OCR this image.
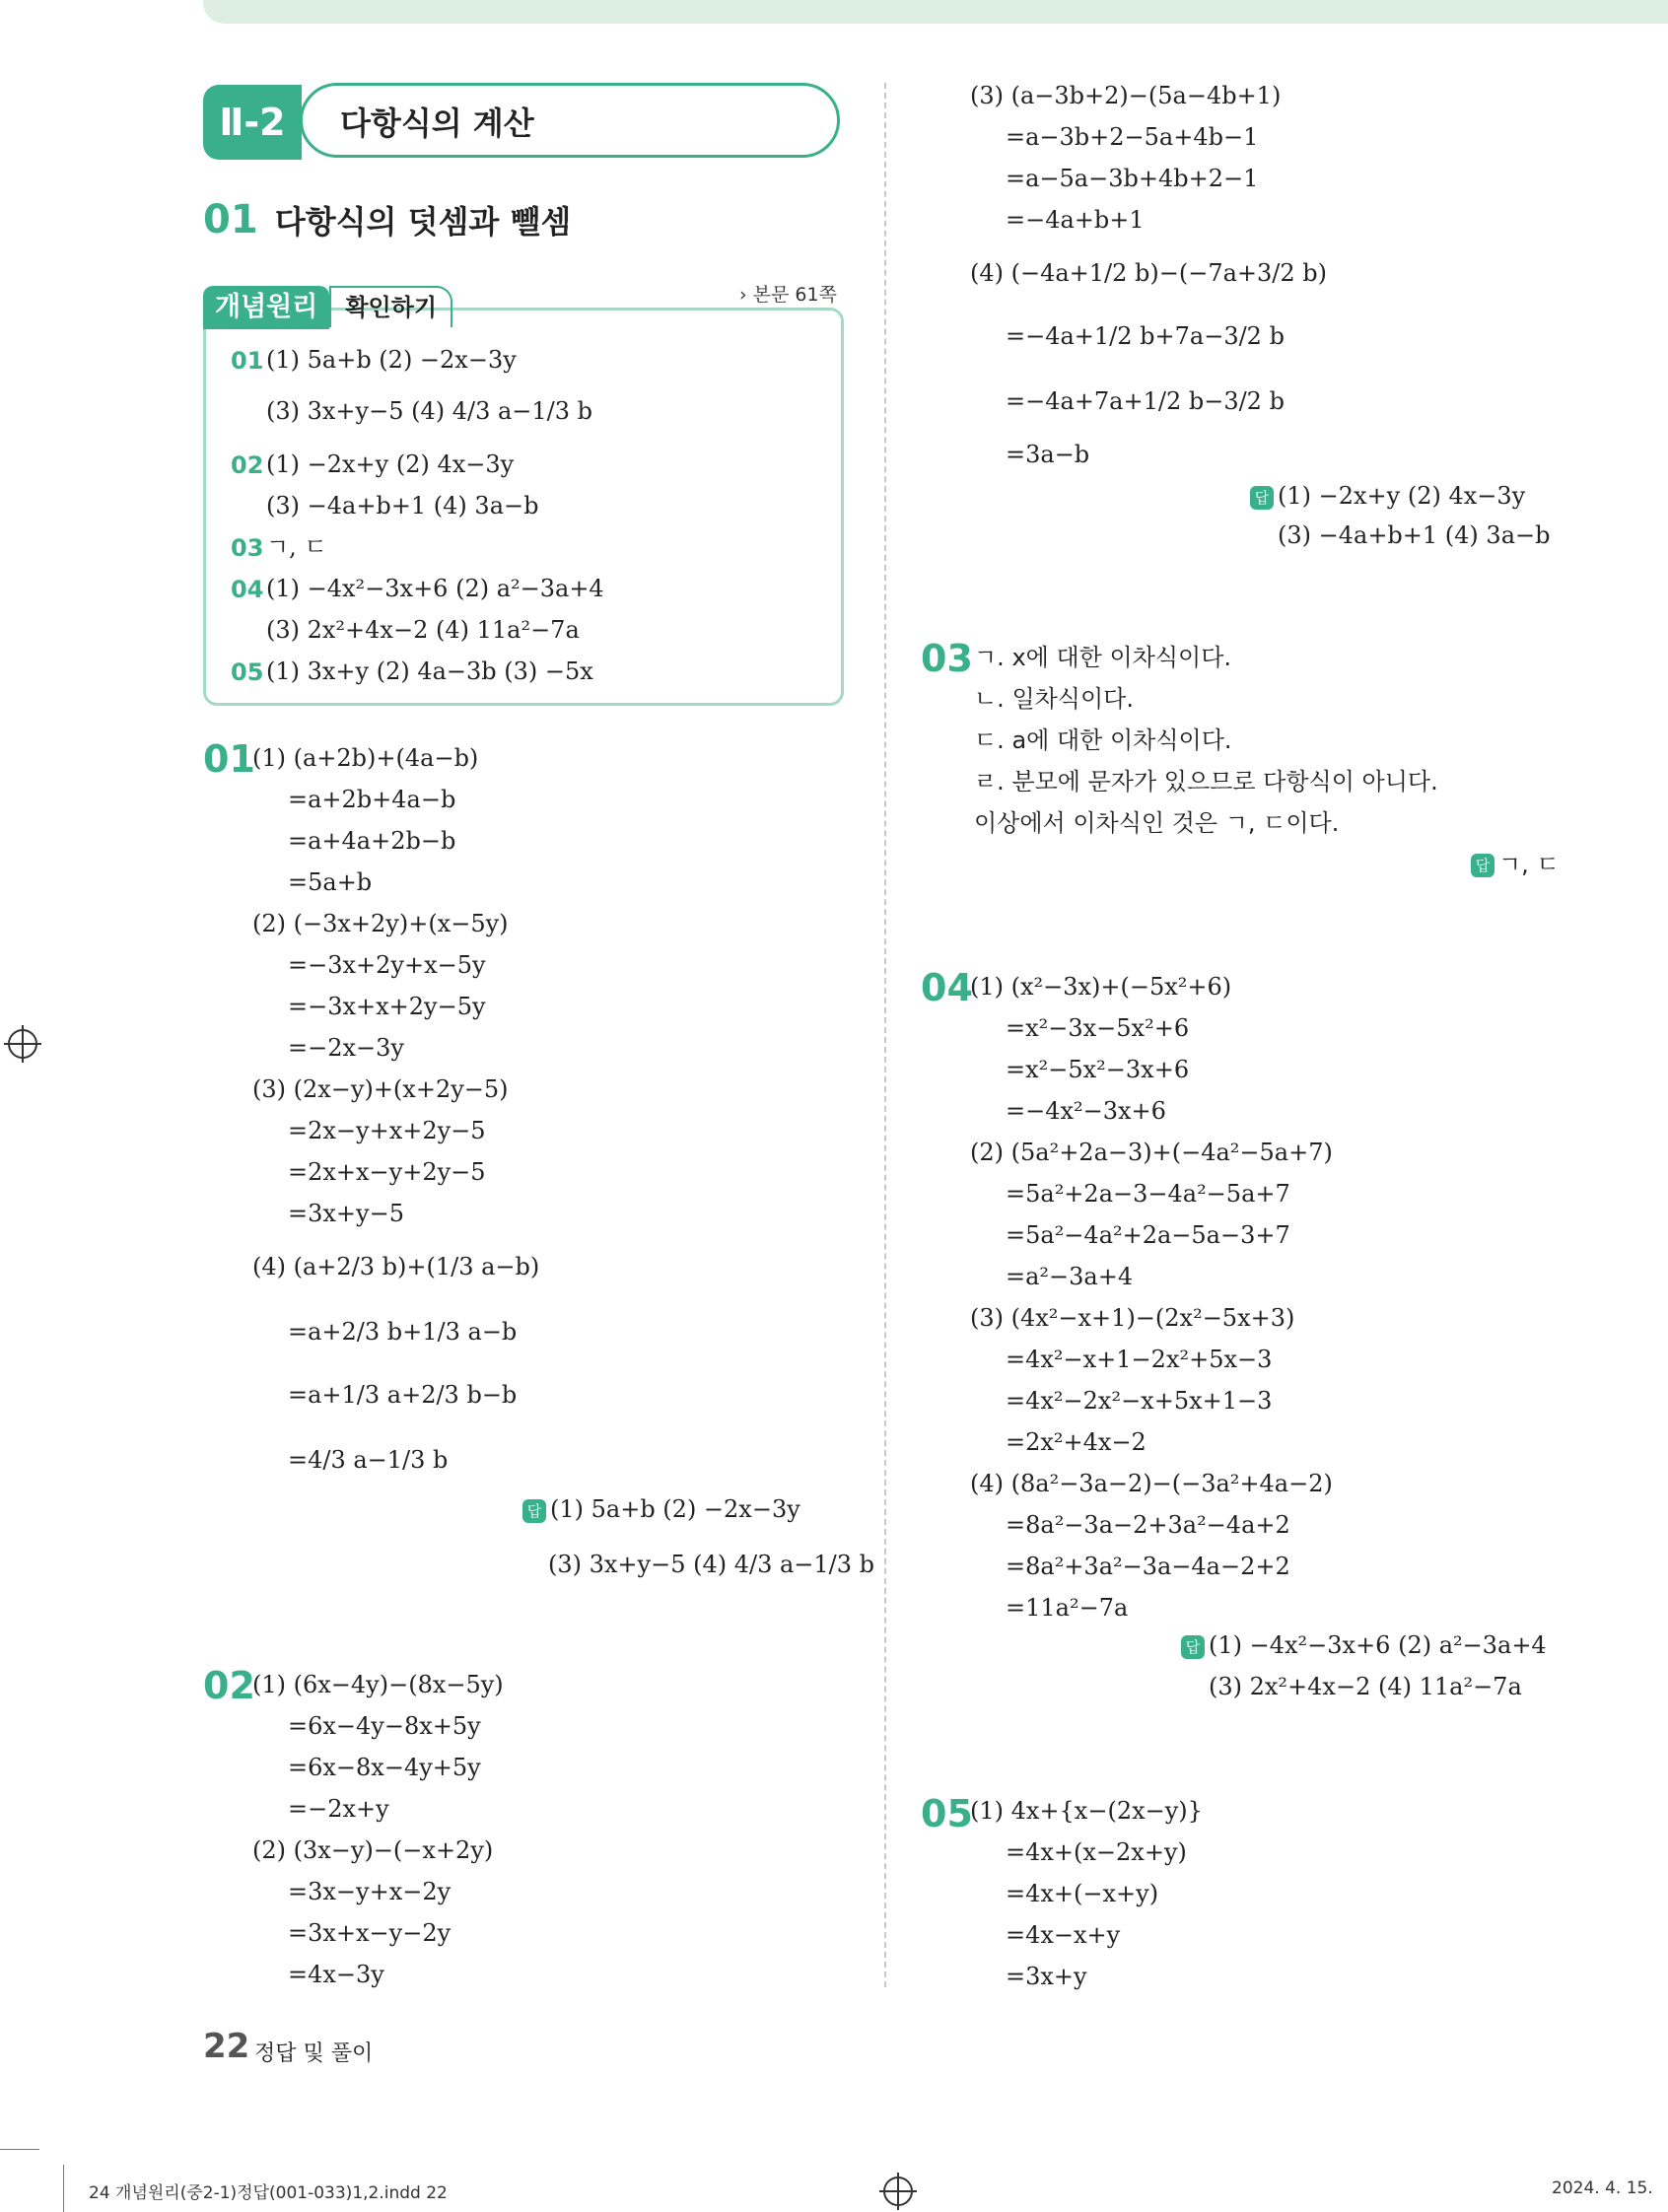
다항식의 계산
Ⅱ-2
01 다항식의 덧셈과 뺄셈
개념원리 확인하기	› 본문 61쪽
01 (1) 5a+b (2) −2x−3y
(3) 3x+y−5 (4) 4/3 a−1/3 b
02 (1) −2x+y (2) 4x−3y
(3) −4a+b+1 (4) 3a−b
03 ㄱ, ㄷ
04 (1) −4x²−3x+6 (2) a²−3a+4
(3) 2x²+4x−2 (4) 11a²−7a
05 (1) 3x+y (2) 4a−3b (3) −5x
01
(1) (a+2b)+(4a−b)
=a+2b+4a−b
=a+4a+2b−b
=5a+b
(2) (−3x+2y)+(x−5y)
=−3x+2y+x−5y
=−3x+x+2y−5y
=−2x−3y
(3) (2x−y)+(x+2y−5)
=2x−y+x+2y−5
=2x+x−y+2y−5
=3x+y−5
(4) (a+2/3 b)+(1/3 a−b)
=a+2/3 b+1/3 a−b
=a+1/3 a+2/3 b−b
=4/3 a−1/3 b
답 (1) 5a+b (2) −2x−3y
(3) 3x+y−5 (4) 4/3 a−1/3 b
02
(1) (6x−4y)−(8x−5y)
=6x−4y−8x+5y
=6x−8x−4y+5y
=−2x+y
(2) (3x−y)−(−x+2y)
=3x−y+x−2y
=3x+x−y−2y
=4x−3y
(3) (a−3b+2)−(5a−4b+1)
=a−3b+2−5a+4b−1
=a−5a−3b+4b+2−1
=−4a+b+1
(4) (−4a+1/2 b)−(−7a+3/2 b)
=−4a+1/2 b+7a−3/2 b
=−4a+7a+1/2 b−3/2 b
=3a−b
답 (1) −2x+y (2) 4x−3y
(3) −4a+b+1 (4) 3a−b
03 ㄱ. x에 대한 이차식이다.
ㄴ. 일차식이다.
ㄷ. a에 대한 이차식이다.
ㄹ. 분모에 문자가 있으므로 다항식이 아니다.
이상에서 이차식인 것은 ㄱ, ㄷ이다.
답 ㄱ, ㄷ
04
(1) (x²−3x)+(−5x²+6)
=x²−3x−5x²+6
=x²−5x²−3x+6
=−4x²−3x+6
(2) (5a²+2a−3)+(−4a²−5a+7)
=5a²+2a−3−4a²−5a+7
=5a²−4a²+2a−5a−3+7
=a²−3a+4
(3) (4x²−x+1)−(2x²−5x+3)
=4x²−x+1−2x²+5x−3
=4x²−2x²−x+5x+1−3
=2x²+4x−2
(4) (8a²−3a−2)−(−3a²+4a−2)
=8a²−3a−2+3a²−4a+2
=8a²+3a²−3a−4a−2+2
=11a²−7a
답 (1) −4x²−3x+6 (2) a²−3a+4
(3) 2x²+4x−2 (4) 11a²−7a
05
(1) 4x+{x−(2x−y)}
=4x+(x−2x+y)
=4x+(−x+y)
=4x−x+y
=3x+y
22 정답 및 풀이
24 개념원리(중2-1)정답(001-033)1,2.indd 22	2024. 4. 15.
